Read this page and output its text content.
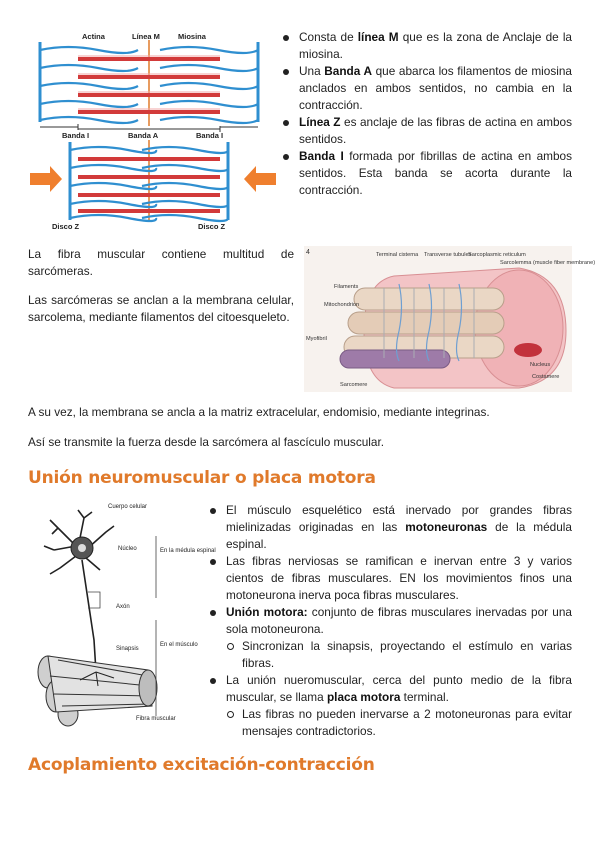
Actina	Línea M Miosina
Banda I	Banda A	Banda I
Disco Z	Disco Z
Consta de línea M que es la zona de Anclaje de la miosina.
Una Banda A que abarca los filamentos de miosina anclados en ambos sentidos, no cambia en la contracción.
Línea Z es anclaje de las fibras de actina en ambos sentidos.
Banda I formada por fibrillas de actina en ambos sentidos. Esta banda se acorta durante la contracción.

La fibra muscular contiene multitud de sarcómeras.

Las sarcómeras se anclan a la membrana celular, sarcolema, mediante filamentos del citoesqueleto.

4	Terminal cisterna Transverse tubules
Sarcoplasmic reticulum
Sarcolemma (muscle fiber membrane)
Filaments
Mitochondrion
Myofibril
Nucleus
Sarcomere
Costamere

A su vez, la membrana se ancla a la matriz extracelular, endomisio, mediante integrinas.

Así se transmite la fuerza desde la sarcómera al fascículo muscular.

Unión neuromuscular o placa motora
Cuerpo celular
Núcleo	En la médula espinal
Axón
Sinapsis
En el músculo
Fibra muscular
El músculo esquelético está inervado por grandes fibras mielinizadas originadas en las motoneuronas de la médula espinal.
Las fibras nerviosas se ramifican e inervan entre 3 y varios cientos de fibras musculares. EN los movimientos finos una motoneurona inerva poca fibras musculares.
Unión motora: conjunto de fibras musculares inervadas por una sola motoneurona.
Sincronizan la sinapsis, proyectando el estímulo en varias fibras.
La unión nueromuscular, cerca del punto medio de la fibra muscular, se llama placa motora terminal.
Las fibras no pueden inervarse a 2 motoneuronas para evitar mensajes contradictorios.
Acoplamiento excitación-contracción
